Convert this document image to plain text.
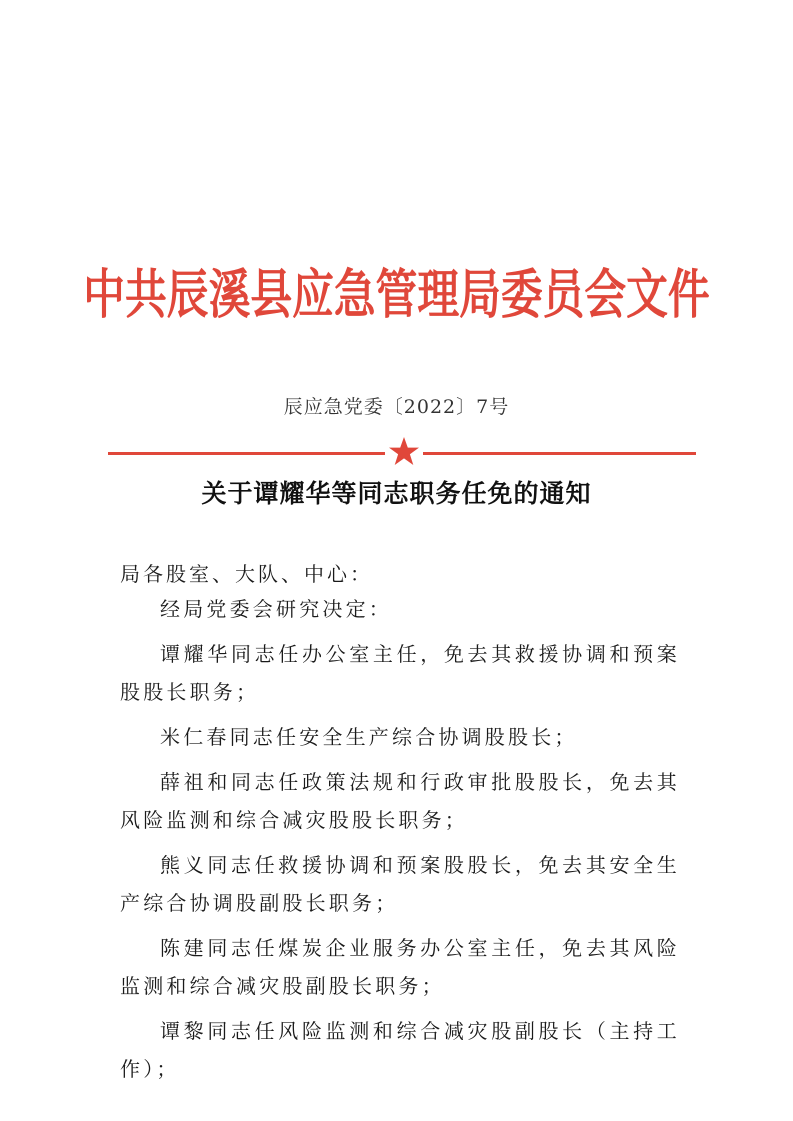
中共辰溪县应急管理局委员会文件
辰应急党委〔2022〕7号
关于谭耀华等同志职务任免的通知
局各股室、大队、中心：

经局党委会研究决定：

谭耀华同志任办公室主任，免去其救援协调和预案股股长职务；

米仁春同志任安全生产综合协调股股长；

薛祖和同志任政策法规和行政审批股股长，免去其风险监测和综合减灾股股长职务；

熊义同志任救援协调和预案股股长，免去其安全生产综合协调股副股长职务；

陈建同志任煤炭企业服务办公室主任，免去其风险监测和综合减灾股副股长职务；

谭黎同志任风险监测和综合减灾股副股长（主持工作）；
